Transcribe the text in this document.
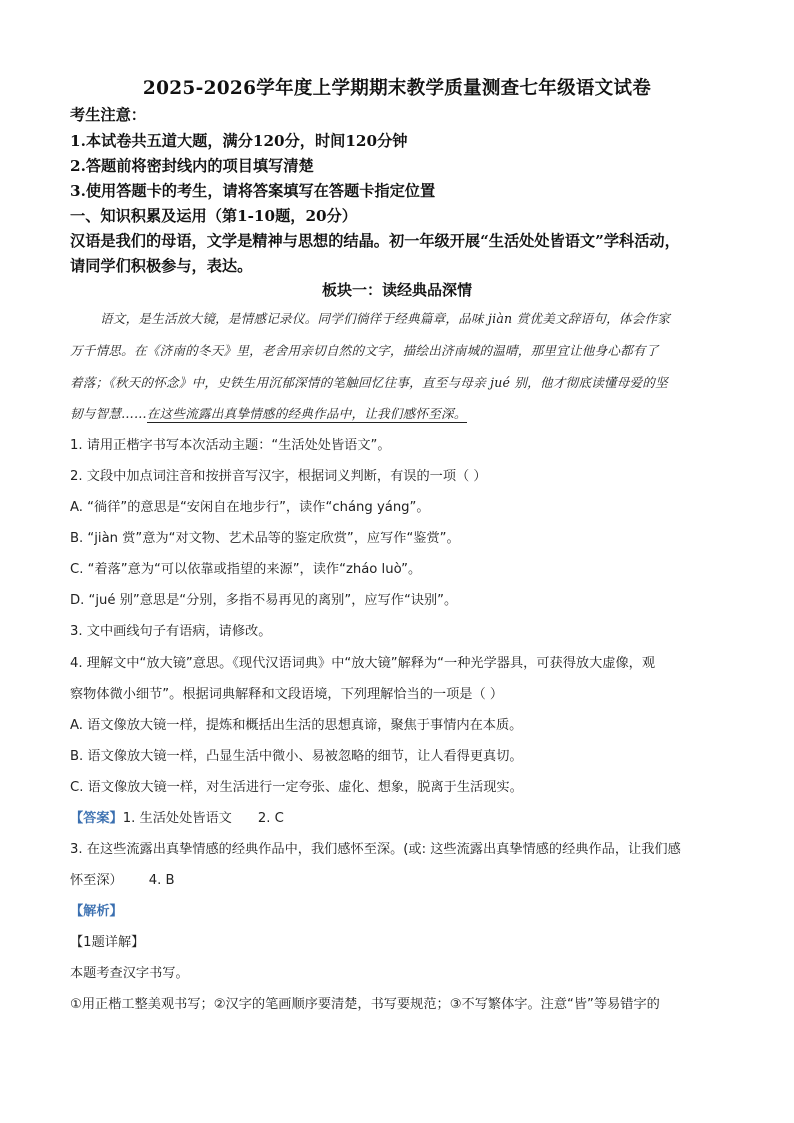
2025-2026学年度上学期期末教学质量测查七年级语文试卷
考生注意：
1.本试卷共五道大题，满分120分，时间120分钟
2.答题前将密封线内的项目填写清楚
3.使用答题卡的考生，请将答案填写在答题卡指定位置
一、知识积累及运用（第1-10题，20分）
汉语是我们的母语，文学是精神与思想的结晶。初一年级开展“生活处处皆语文”学科活动，
请同学们积极参与，表达。
板块一：读经典品深情
语文，是生活放大镜，是情感记录仪。同学们徜徉于经典篇章，品味 jiàn 赏优美文辞语句，体会作家
万千情思。在《济南的冬天》里，老舍用亲切自然的文字，描绘出济南城的温晴，那里宜让他身心都有了
着落；《秋天的怀念》中，史铁生用沉郁深情的笔触回忆往事，直至与母亲 jué 别，他才彻底读懂母爱的坚
韧与智慧……在这些流露出真挚情感的经典作品中，让我们感怀至深。
1. 请用正楷字书写本次活动主题：“生活处处皆语文”。
2. 文段中加点词注音和按拼音写汉字，根据词义判断，有误的一项（ ）
A. “徜徉”的意思是“安闲自在地步行”，读作“cháng yáng”。
B. “jiàn 赏”意为“对文物、艺术品等的鉴定欣赏”，应写作“鉴赏”。
C. “着落”意为“可以依靠或指望的来源”，读作“zháo luò”。
D. “jué 别”意思是“分别，多指不易再见的离别”，应写作“诀别”。
3. 文中画线句子有语病，请修改。
4. 理解文中“放大镜”意思。《现代汉语词典》中“放大镜”解释为“一种光学器具，可获得放大虚像，观
察物体微小细节”。根据词典解释和文段语境，下列理解恰当的一项是（ ）
A. 语文像放大镜一样，提炼和概括出生活的思想真谛，聚焦于事情内在本质。
B. 语文像放大镜一样，凸显生活中微小、易被忽略的细节，让人看得更真切。
C. 语文像放大镜一样，对生活进行一定夸张、虚化、想象，脱离于生活现实。
【答案】1. 生活处处皆语文 2. C
3. 在这些流露出真挚情感的经典作品中，我们感怀至深。(或: 这些流露出真挚情感的经典作品，让我们感
怀至深） 4. B
【解析】
【1题详解】
本题考查汉字书写。
①用正楷工整美观书写；②汉字的笔画顺序要清楚，书写要规范；③不写繁体字。注意“皆”等易错字的
